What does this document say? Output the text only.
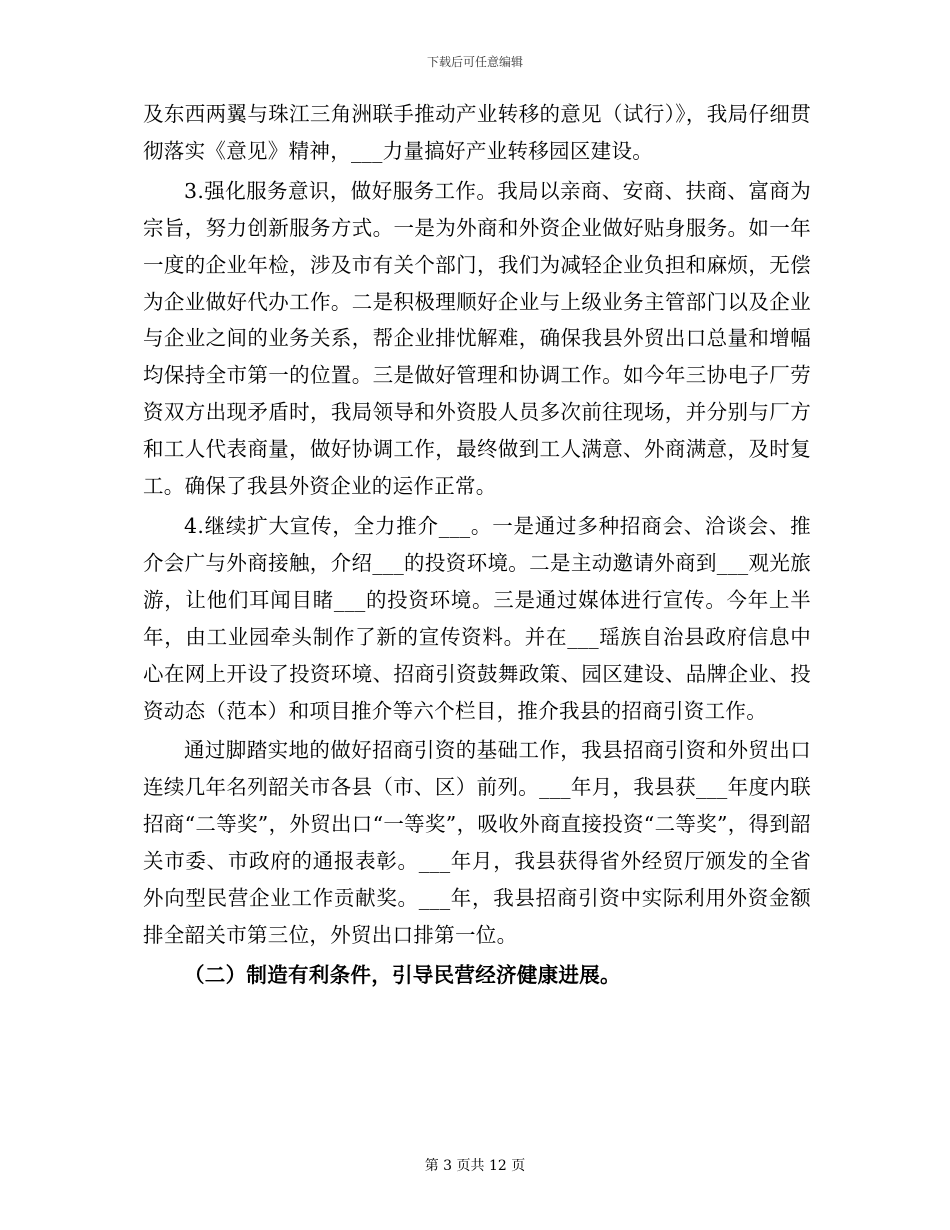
下载后可任意编辑

及东西两翼与珠江三角洲联手推动产业转移的意见（试行）》，我局仔细贯彻落实《意见》精神，___力量搞好产业转移园区建设。

3.强化服务意识，做好服务工作。我局以亲商、安商、扶商、富商为宗旨，努力创新服务方式。一是为外商和外资企业做好贴身服务。如一年一度的企业年检，涉及市有关个部门，我们为减轻企业负担和麻烦，无偿为企业做好代办工作。二是积极理顺好企业与上级业务主管部门以及企业与企业之间的业务关系，帮企业排忧解难，确保我县外贸出口总量和增幅均保持全市第一的位置。三是做好管理和协调工作。如今年三协电子厂劳资双方出现矛盾时，我局领导和外资股人员多次前往现场，并分别与厂方和工人代表商量，做好协调工作，最终做到工人满意、外商满意，及时复工。确保了我县外资企业的运作正常。

4.继续扩大宣传，全力推介___。一是通过多种招商会、洽谈会、推介会广与外商接触，介绍___的投资环境。二是主动邀请外商到___观光旅游，让他们耳闻目睹___的投资环境。三是通过媒体进行宣传。今年上半年，由工业园牵头制作了新的宣传资料。并在___瑶族自治县政府信息中心在网上开设了投资环境、招商引资鼓舞政策、园区建设、品牌企业、投资动态（范本）和项目推介等六个栏目，推介我县的招商引资工作。

通过脚踏实地的做好招商引资的基础工作，我县招商引资和外贸出口连续几年名列韶关市各县（市、区）前列。___年月，我县获___年度内联招商“二等奖”，外贸出口“一等奖”，吸收外商直接投资“二等奖”，得到韶关市委、市政府的通报表彰。___年月，我县获得省外经贸厅颁发的全省外向型民营企业工作贡献奖。___年，我县招商引资中实际利用外资金额排全韶关市第三位，外贸出口排第一位。

（二）制造有利条件，引导民营经济健康进展。

第 3 页共 12 页
